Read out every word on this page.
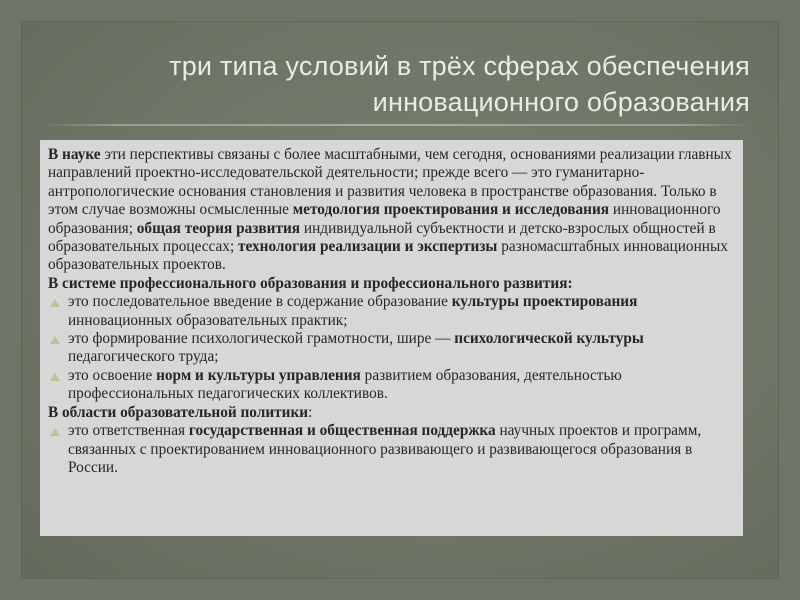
три типа условий в трёх сферах обеспечения
инновационного образования

В науке эти перспективы связаны с более масштабными, чем сегодня, основаниями реализации главных направлений проектно-исследовательской деятельности; прежде всего — это гуманитарно-антропологические основания становления и развития человека в пространстве образования. Только в этом случае возможны осмысленные методология проектирования и исследования инновационного образования; общая теория развития индивидуальной субъектности и детско-взрослых общностей в образовательных процессах; технология реализации и экспертизы разномасштабных инновационных образовательных проектов.

В системе профессионального образования и профессионального развития:

это последовательное введение в содержание образование культуры проектирования инновационных образовательных практик;

это формирование психологической грамотности, шире — психологической культуры педагогического труда;

это освоение норм и культуры управления развитием образования, деятельностью профессиональных педагогических коллективов.

В области образовательной политики:

это ответственная государственная и общественная поддержка научных проектов и программ, связанных с проектированием инновационного развивающего и развивающегося образования в России.
